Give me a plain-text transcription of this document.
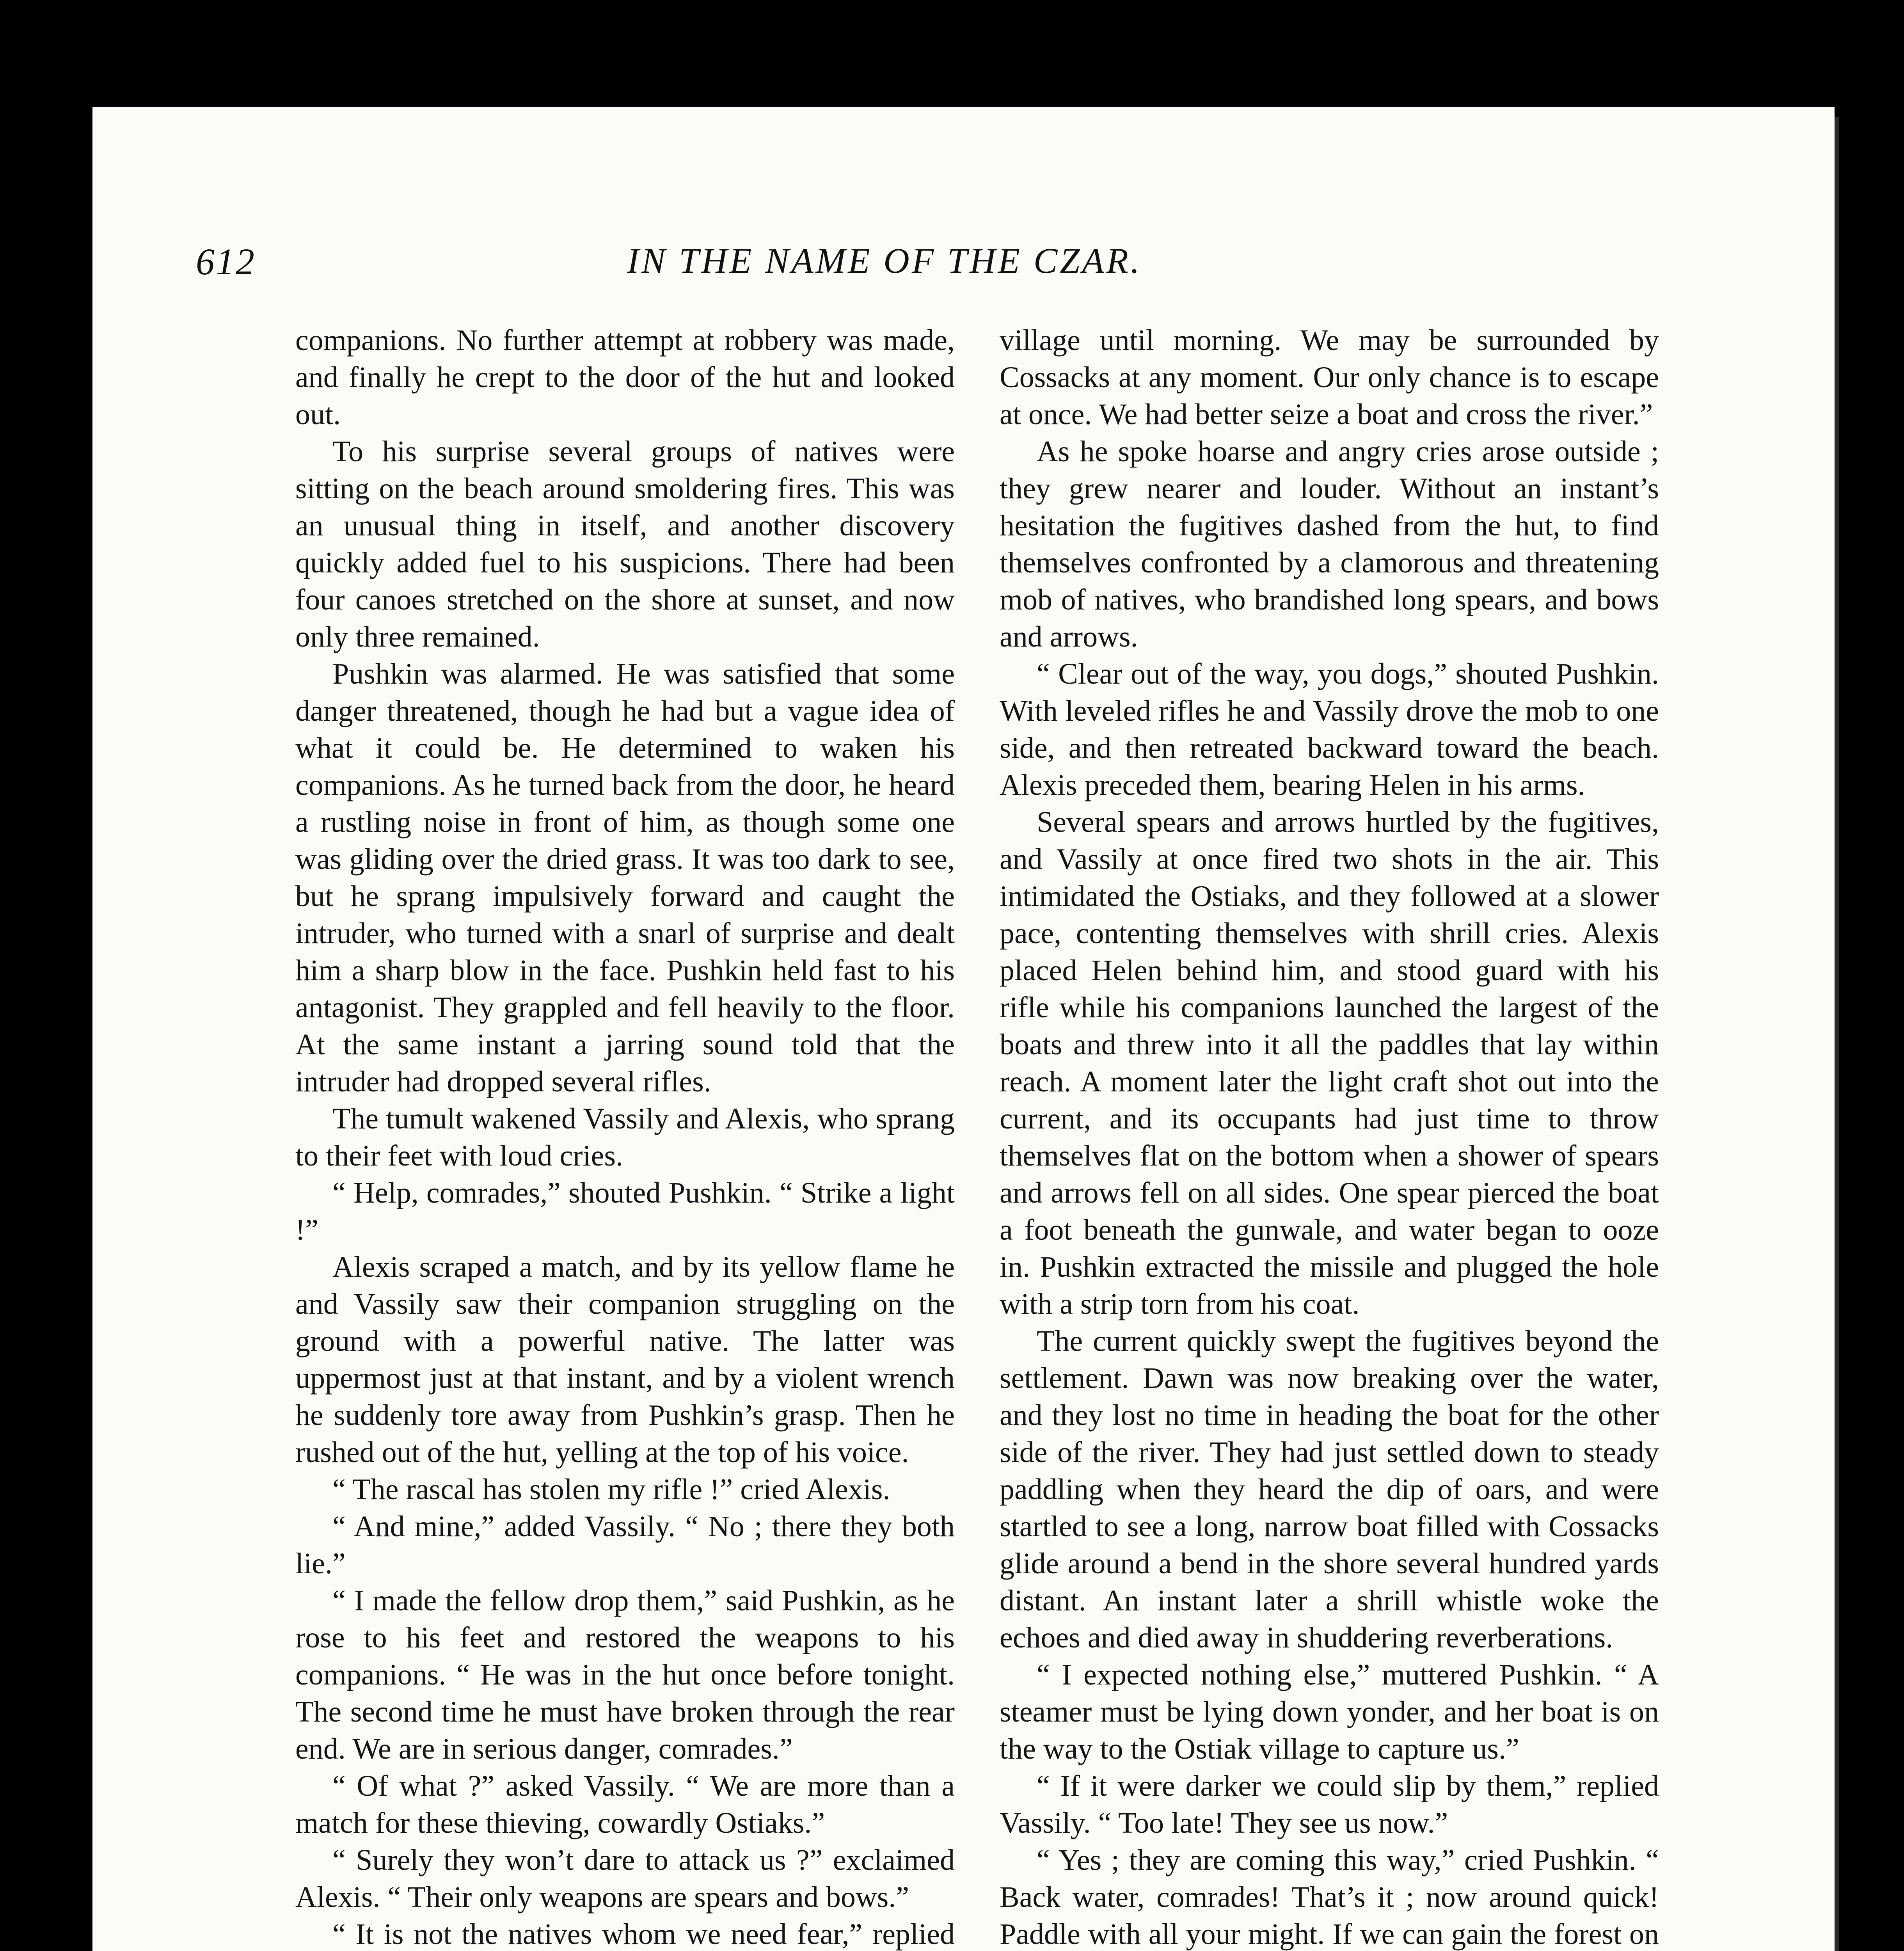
612	IN THE NAME OF THE CZAR.

companions. No further attempt at robbery was made, and finally he crept to the door of the hut and looked out.

To his surprise several groups of natives were sitting on the beach around smoldering fires. This was an unusual thing in itself, and another discovery quickly added fuel to his suspicions. There had been four canoes stretched on the shore at sunset, and now only three remained.

Pushkin was alarmed. He was satisfied that some danger threatened, though he had but a vague idea of what it could be. He determined to waken his companions. As he turned back from the door, he heard a rustling noise in front of him, as though some one was gliding over the dried grass. It was too dark to see, but he sprang impulsively forward and caught the intruder, who turned with a snarl of surprise and dealt him a sharp blow in the face. Pushkin held fast to his antagonist. They grappled and fell heavily to the floor. At the same instant a jarring sound told that the intruder had dropped several rifles.

The tumult wakened Vassily and Alexis, who sprang to their feet with loud cries.

“ Help, comrades,” shouted Pushkin. “ Strike a light !”

Alexis scraped a match, and by its yellow flame he and Vassily saw their companion struggling on the ground with a powerful native. The latter was uppermost just at that instant, and by a violent wrench he suddenly tore away from Pushkin’s grasp. Then he rushed out of the hut, yelling at the top of his voice.

“ The rascal has stolen my rifle !” cried Alexis.

“ And mine,” added Vassily. “ No ; there they both lie.”

“ I made the fellow drop them,” said Pushkin, as he rose to his feet and restored the weapons to his companions. “ He was in the hut once before tonight. The second time he must have broken through the rear end. We are in serious danger, comrades.”

“ Of what ?” asked Vassily. “ We are more than a match for these thieving, cowardly Ostiaks.”

“ Surely they won’t dare to attack us ?” exclaimed Alexis. “ Their only weapons are spears and bows.”

“ It is not the natives whom we need fear,” replied

village until morning. We may be surrounded by Cossacks at any moment. Our only chance is to escape at once. We had better seize a boat and cross the river.”

As he spoke hoarse and angry cries arose outside ; they grew nearer and louder. Without an instant’s hesitation the fugitives dashed from the hut, to find themselves confronted by a clamorous and threatening mob of natives, who brandished long spears, and bows and arrows.

“ Clear out of the way, you dogs,” shouted Pushkin. With leveled rifles he and Vassily drove the mob to one side, and then retreated backward toward the beach. Alexis preceded them, bearing Helen in his arms.

Several spears and arrows hurtled by the fugitives, and Vassily at once fired two shots in the air. This intimidated the Ostiaks, and they followed at a slower pace, contenting themselves with shrill cries. Alexis placed Helen behind him, and stood guard with his rifle while his companions launched the largest of the boats and threw into it all the paddles that lay within reach. A moment later the light craft shot out into the current, and its occupants had just time to throw themselves flat on the bottom when a shower of spears and arrows fell on all sides. One spear pierced the boat a foot beneath the gunwale, and water began to ooze in. Pushkin extracted the missile and plugged the hole with a strip torn from his coat.

The current quickly swept the fugitives beyond the settlement. Dawn was now breaking over the water, and they lost no time in heading the boat for the other side of the river. They had just settled down to steady paddling when they heard the dip of oars, and were startled to see a long, narrow boat filled with Cossacks glide around a bend in the shore several hundred yards distant. An instant later a shrill whistle woke the echoes and died away in shuddering reverberations.

“ I expected nothing else,” muttered Pushkin. “ A steamer must be lying down yonder, and her boat is on the way to the Ostiak village to capture us.”

“ If it were darker we could slip by them,” replied Vassily. “ Too late! They see us now.”

“ Yes ; they are coming this way,” cried Pushkin. “ Back water, comrades! That’s it ; now around quick! Paddle with all your might. If we can gain the forest on
